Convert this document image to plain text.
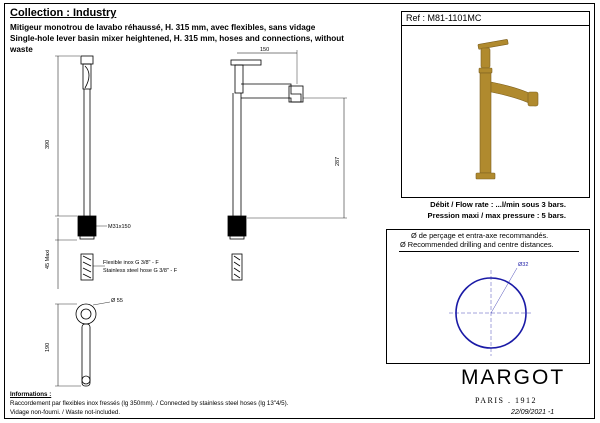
Collection : Industry
Mitigeur monotrou de lavabo réhaussé, H. 315 mm, avec flexibles, sans vidage
Single-hole lever basin mixer heightened, H. 315 mm, hoses and connections, without
waste
390
45 Maxi
M31x150
Flexible inox G 3/8" - F
Stainless steel hose G 3/8" - F
Ø 55
190
150
287
Ref : M81-1101MC
Débit / Flow rate : ...l/min sous 3 bars.
Pression maxi / max pressure : 5 bars.
Ø de perçage et entra-axe recommandés.
Ø Recommended drilling and centre distances.
Ø32
MARGOT
PARIS . 1912
22/09/2021 -1
Informations :
Raccordement par flexibles inox fressés (lg 350mm). / Connected by stainless steel hoses (lg 13"4/5).
Vidage non-fourni. / Waste not-included.
